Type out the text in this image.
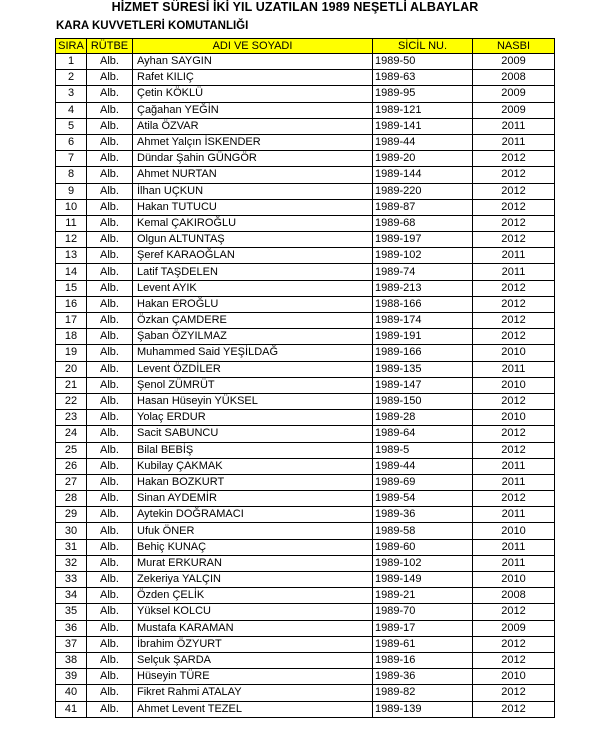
HİZMET SÜRESİ İKİ YIL UZATILAN 1989 NEŞETLİ ALBAYLAR
KARA KUVVETLERİ KOMUTANLIĞI
SIRA	RÜTBE	ADI VE SOYADI	SİCİL NU.	NASBI
1	Alb.	Ayhan SAYGIN	1989-50	2009
2	Alb.	Rafet KILIÇ	1989-63	2008
3	Alb.	Çetin KÖKLÜ	1989-95	2009
4	Alb.	Çağahan YEĞİN	1989-121	2009
5	Alb.	Atila ÖZVAR	1989-141	2011
6	Alb.	Ahmet Yalçın İSKENDER	1989-44	2011
7	Alb.	Dündar Şahin GÜNGÖR	1989-20	2012
8	Alb.	Ahmet NURTAN	1989-144	2012
9	Alb.	İlhan UÇKUN	1989-220	2012
10	Alb.	Hakan TUTUCU	1989-87	2012
11	Alb.	Kemal ÇAKIROĞLU	1989-68	2012
12	Alb.	Olgun ALTUNTAŞ	1989-197	2012
13	Alb.	Şeref KARAOĞLAN	1989-102	2011
14	Alb.	Latif TAŞDELEN	1989-74	2011
15	Alb.	Levent AYIK	1989-213	2012
16	Alb.	Hakan EROĞLU	1988-166	2012
17	Alb.	Özkan ÇAMDERE	1989-174	2012
18	Alb.	Şaban ÖZYILMAZ	1989-191	2012
19	Alb.	Muhammed Said YEŞİLDAĞ	1989-166	2010
20	Alb.	Levent ÖZDİLER	1989-135	2011
21	Alb.	Şenol ZÜMRÜT	1989-147	2010
22	Alb.	Hasan Hüseyin YÜKSEL	1989-150	2012
23	Alb.	Yolaç ERDUR	1989-28	2010
24	Alb.	Sacit SABUNCU	1989-64	2012
25	Alb.	Bilal BEBİŞ	1989-5	2012
26	Alb.	Kubilay ÇAKMAK	1989-44	2011
27	Alb.	Hakan BOZKURT	1989-69	2011
28	Alb.	Sinan AYDEMİR	1989-54	2012
29	Alb.	Aytekin DOĞRAMACI	1989-36	2011
30	Alb.	Ufuk ÖNER	1989-58	2010
31	Alb.	Behiç KUNAÇ	1989-60	2011
32	Alb.	Murat ERKURAN	1989-102	2011
33	Alb.	Zekeriya YALÇIN	1989-149	2010
34	Alb.	Özden ÇELİK	1989-21	2008
35	Alb.	Yüksel KOLCU	1989-70	2012
36	Alb.	Mustafa KARAMAN	1989-17	2009
37	Alb.	İbrahim ÖZYURT	1989-61	2012
38	Alb.	Selçuk ŞARDA	1989-16	2012
39	Alb.	Hüseyin TÜRE	1989-36	2010
40	Alb.	Fikret Rahmi ATALAY	1989-82	2012
41	Alb.	Ahmet Levent TEZEL	1989-139	2012
